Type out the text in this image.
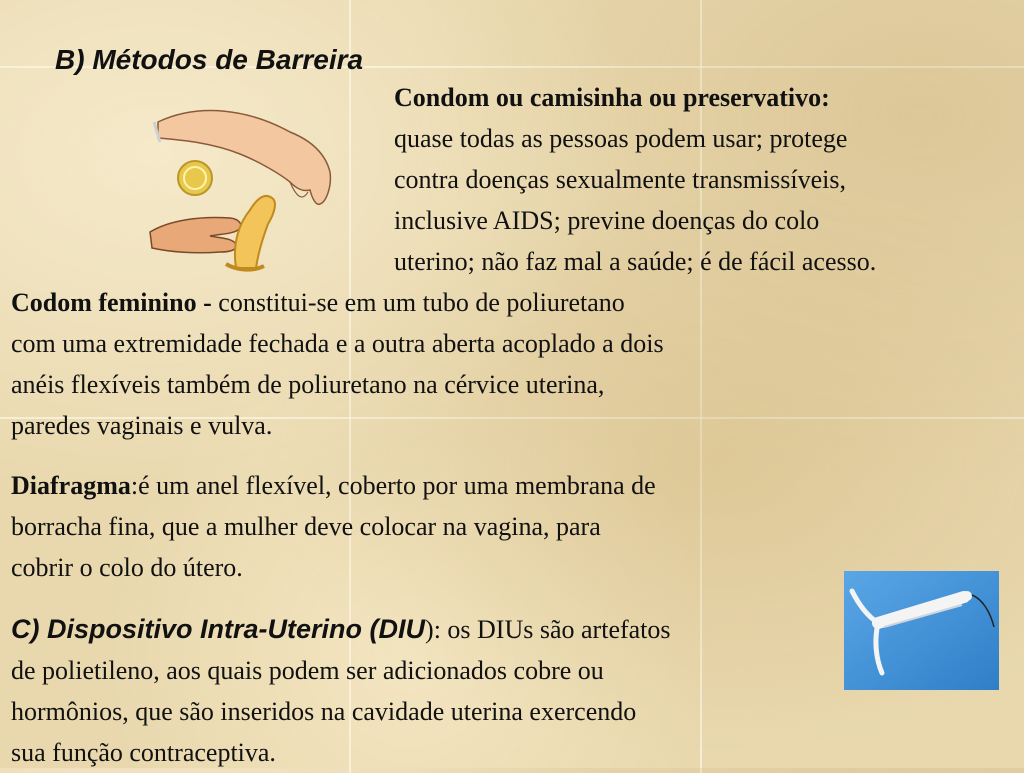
B) Métodos de Barreira
Condom ou camisinha ou preservativo:
quase todas as pessoas podem usar; protege
contra doenças sexualmente transmissíveis,
inclusive AIDS; previne doenças do colo
uterino; não faz mal a saúde; é de fácil acesso.
Codom feminino - constitui-se em um tubo de poliuretano
com uma extremidade fechada e a outra aberta acoplado a dois
anéis flexíveis também de poliuretano na cérvice uterina,
paredes vaginais e vulva.
Diafragma:é um anel flexível, coberto por uma membrana de
borracha fina, que a mulher deve colocar na vagina, para
cobrir o colo do útero.
C) Dispositivo Intra-Uterino (DIU): os DIUs são artefatos
de polietileno, aos quais podem ser adicionados cobre ou
hormônios, que são inseridos na cavidade uterina exercendo
sua função contraceptiva.
